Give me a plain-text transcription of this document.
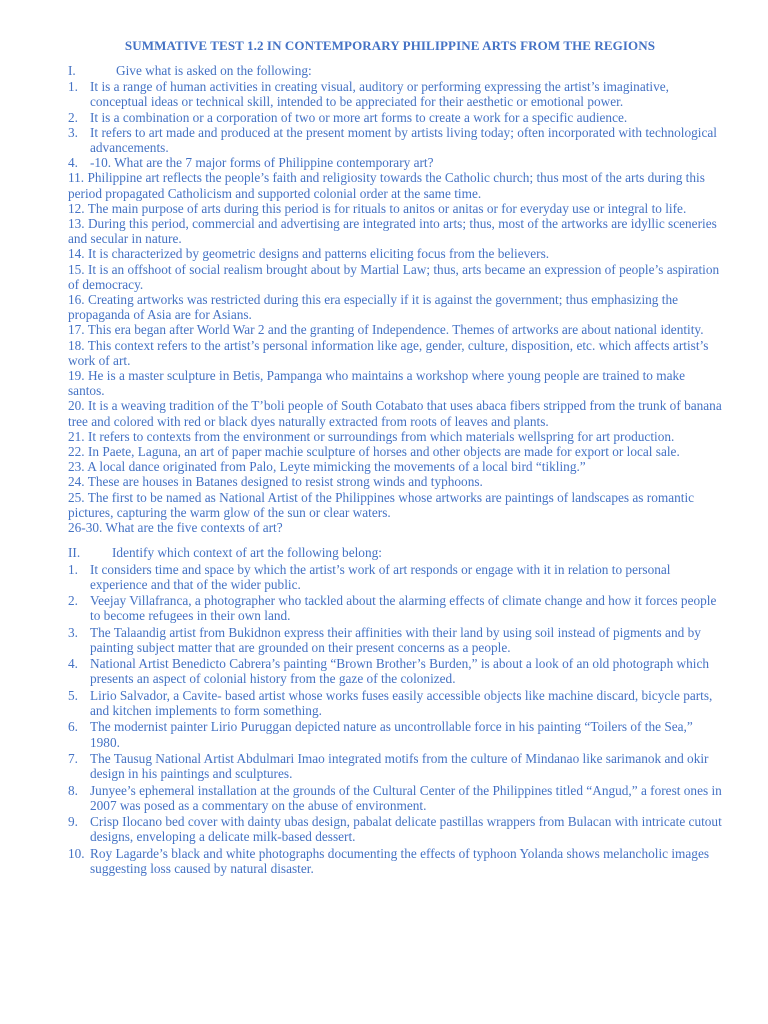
SUMMATIVE TEST 1.2 IN CONTEMPORARY PHILIPPINE ARTS FROM THE REGIONS
I.	Give what is asked on the following:
1. It is a range of human activities in creating visual, auditory or performing expressing the artist’s imaginative, conceptual ideas or technical skill, intended to be appreciated for their aesthetic or emotional power.
2. It is a combination or a corporation of two or more art forms to create a work for a specific audience.
3. It refers to art made and produced at the present moment by artists living today; often incorporated with technological advancements.
4. -10. What are the 7 major forms of Philippine contemporary art?

11. Philippine art reflects the people’s faith and religiosity towards the Catholic church; thus most of the arts during this period propagated Catholicism and supported colonial order at the same time.

12. The main purpose of arts during this period is for rituals to anitos or anitas or for everyday use or integral to life.

13. During this period, commercial and advertising are integrated into arts; thus, most of the artworks are idyllic sceneries and secular in nature.

14. It is characterized by geometric designs and patterns eliciting focus from the believers.

15. It is an offshoot of social realism brought about by Martial Law; thus, arts became an expression of people’s aspiration of democracy.

16. Creating artworks was restricted during this era especially if it is against the government; thus emphasizing the propaganda of Asia are for Asians.

17. This era began after World War 2 and the granting of Independence. Themes of artworks are about national identity.

18. This context refers to the artist’s personal information like age, gender, culture, disposition, etc. which affects artist’s work of art.

19. He is a master sculpture in Betis, Pampanga who maintains a workshop where young people are trained to make santos.

20. It is a weaving tradition of the T’boli people of South Cotabato that uses abaca fibers stripped from the trunk of banana tree and colored with red or black dyes naturally extracted from roots of leaves and plants.

21. It refers to contexts from the environment or surroundings from which materials wellspring for art production.

22. In Paete, Laguna, an art of paper machie sculpture of horses and other objects are made for export or local sale.

23. A local dance originated from Palo, Leyte mimicking the movements of a local bird “tikling.”

24. These are houses in Batanes designed to resist strong winds and typhoons.

25. The first to be named as National Artist of the Philippines whose artworks are paintings of landscapes as romantic pictures, capturing the warm glow of the sun or clear waters.

26-30. What are the five contexts of art?

II.	Identify which context of art the following belong:
1. It considers time and space by which the artist’s work of art responds or engage with it in relation to personal experience and that of the wider public.
2. Veejay Villafranca, a photographer who tackled about the alarming effects of climate change and how it forces people to become refugees in their own land.
3. The Talaandig artist from Bukidnon express their affinities with their land by using soil instead of pigments and by painting subject matter that are grounded on their present concerns as a people.
4. National Artist Benedicto Cabrera’s painting “Brown Brother’s Burden,” is about a look of an old photograph which presents an aspect of colonial history from the gaze of the colonized.
5. Lirio Salvador, a Cavite- based artist whose works fuses easily accessible objects like machine discard, bicycle parts, and kitchen implements to form something.
6. The modernist painter Lirio Puruggan depicted nature as uncontrollable force in his painting “Toilers of the Sea,” 1980.
7. The Tausug National Artist Abdulmari Imao integrated motifs from the culture of Mindanao like sarimanok and okir design in his paintings and sculptures.
8. Junyee’s ephemeral installation at the grounds of the Cultural Center of the Philippines titled “Angud,” a forest ones in 2007 was posed as a commentary on the abuse of environment.
9. Crisp Ilocano bed cover with dainty ubas design, pabalat delicate pastillas wrappers from Bulacan with intricate cutout designs, enveloping a delicate milk-based dessert.
10. Roy Lagarde’s black and white photographs documenting the effects of typhoon Yolanda shows melancholic images suggesting loss caused by natural disaster.
